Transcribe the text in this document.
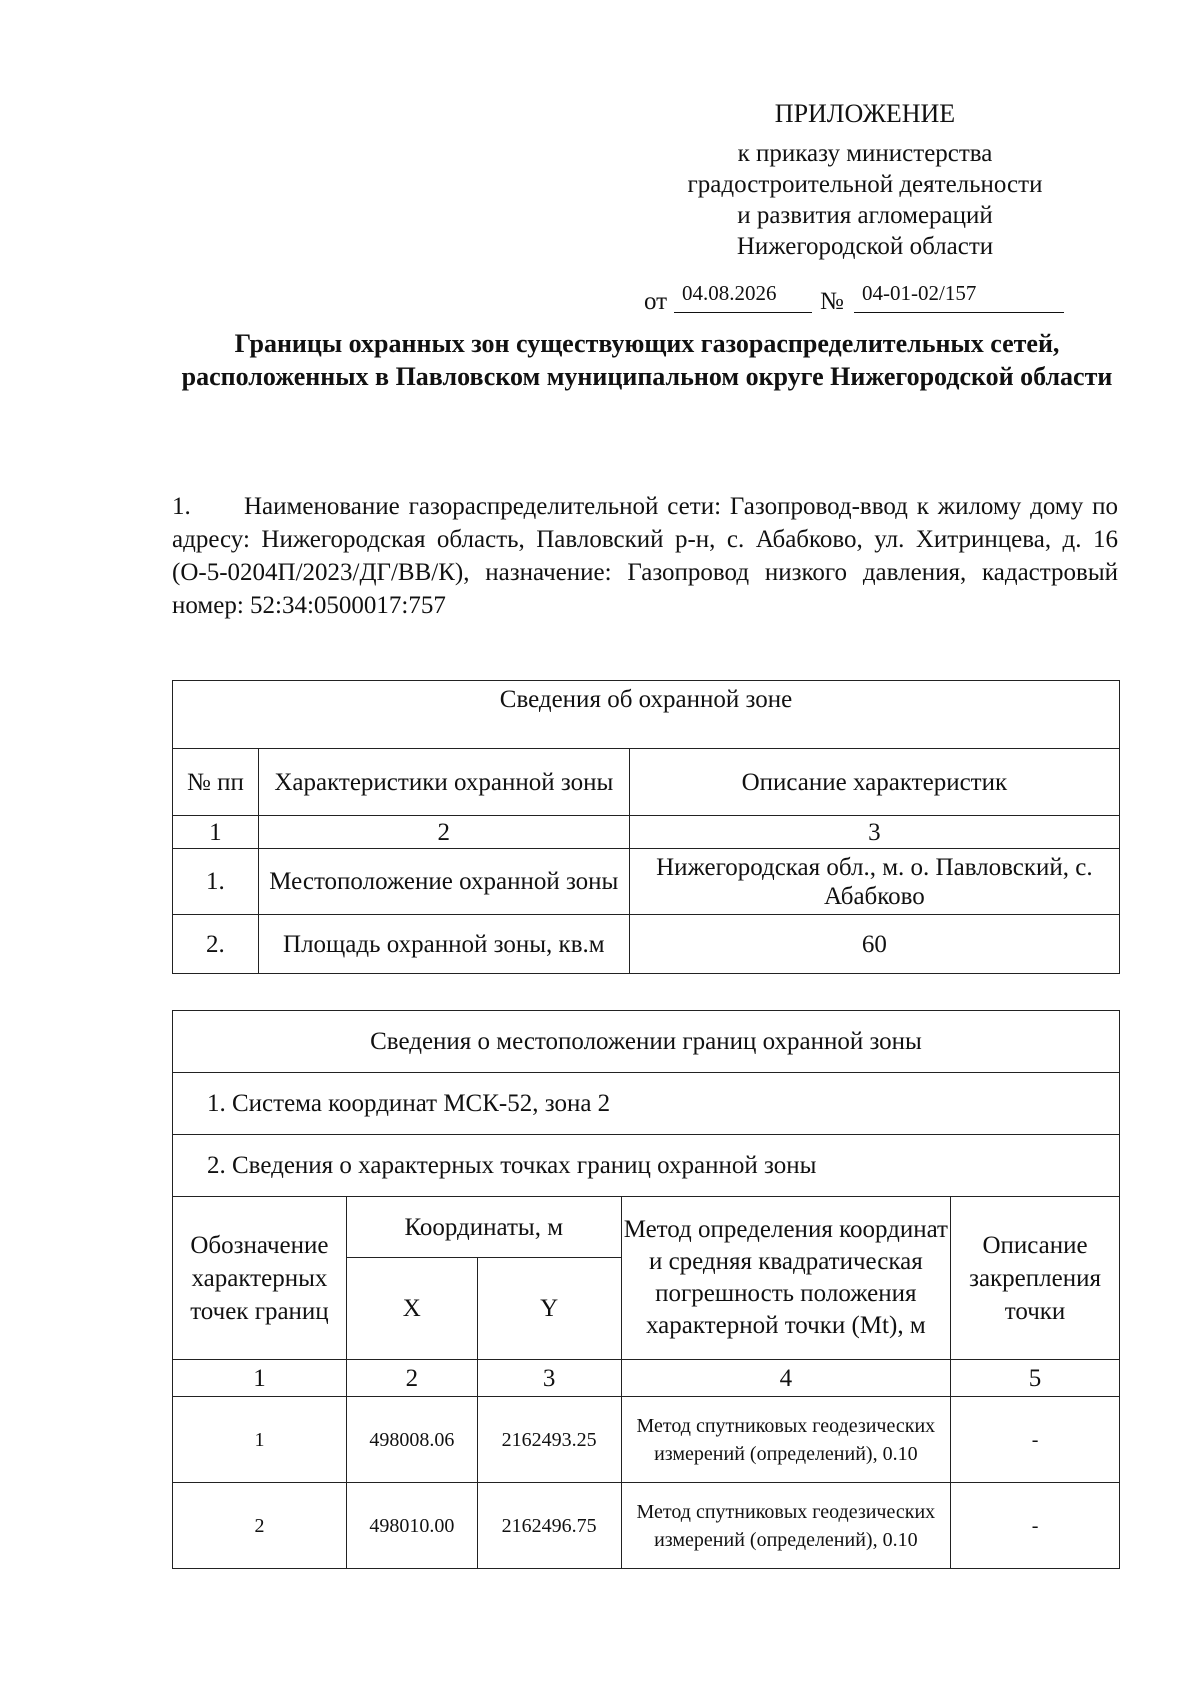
ПРИЛОЖЕНИЕ
к приказу министерства
градостроительной деятельности
и развития агломераций
Нижегородской области
от 04.08.2026 № 04-01-02/157
Границы охранных зон существующих газораспределительных сетей, расположенных в Павловском муниципальном округе Нижегородской области
1. Наименование газораспределительной сети: Газопровод-ввод к жилому дому по адресу: Нижегородская область, Павловский р-н, с. Абабково, ул. Хитринцева, д. 16 (О-5-0204П/2023/ДГ/ВВ/К), назначение: Газопровод низкого давления, кадастровый номер: 52:34:0500017:757
Сведения об охранной зоне		
№ пп	Характеристики охранной зоны	Описание характеристик
1	2	3
1.	Местоположение охранной зоны	Нижегородская обл., м. о. Павловский, с. Абабково
2.	Площадь охранной зоны, кв.м	60
Сведения о местоположении границ охранной зоны				
1. Система координат МСК-52, зона 2				
2. Сведения о характерных точках границ охранной зоны				
Обозначение характерных точек границ	Координаты, м		Метод определения координат и средняя квадратическая погрешность положения характерной точки (Mt), м	Описание закрепления точки
	X	Y		
1	2	3	4	5
1	498008.06	2162493.25	Метод спутниковых геодезических измерений (определений), 0.10	-
2	498010.00	2162496.75	Метод спутниковых геодезических измерений (определений), 0.10	-
